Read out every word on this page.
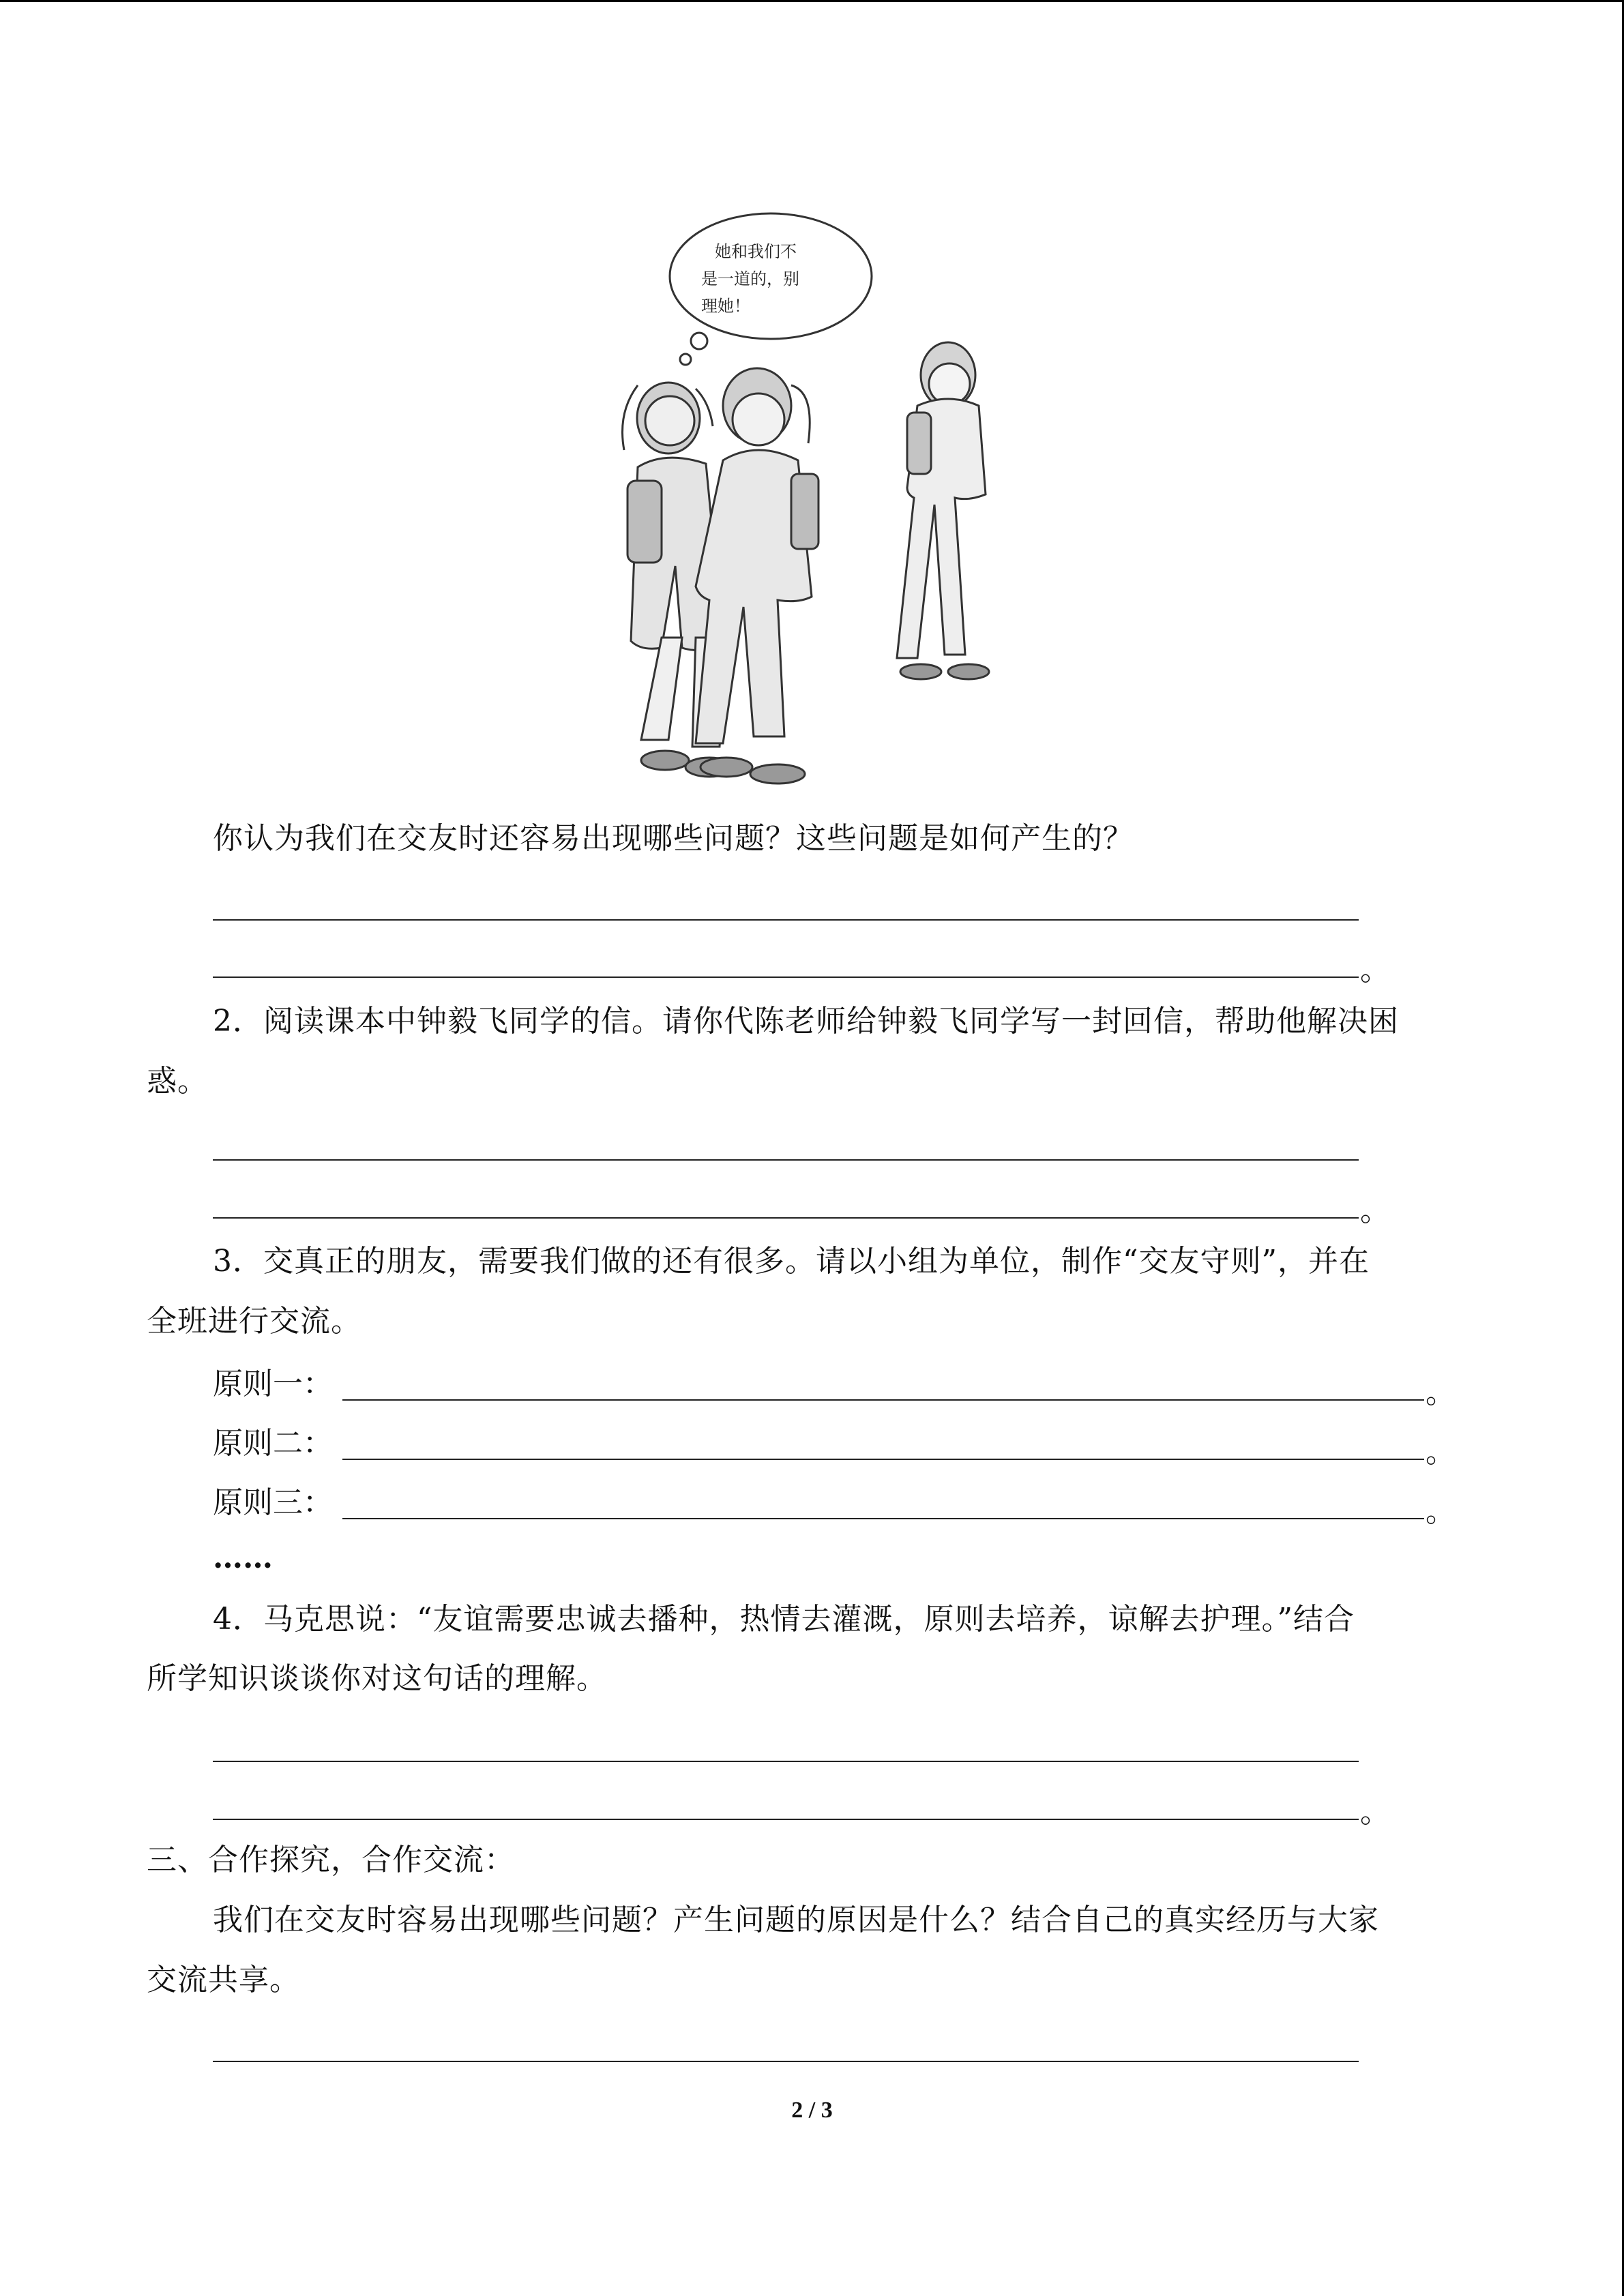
她和我们不
是一道的，别
理她！
你认为我们在交友时还容易出现哪些问题？这些问题是如何产生的？
。
2．阅读课本中钟毅飞同学的信。请你代陈老师给钟毅飞同学写一封回信，帮助他解决困
惑。
。
3．交真正的朋友，需要我们做的还有很多。请以小组为单位，制作“交友守则”，并在
全班进行交流。
原则一：	。
原则二：	。
原则三：	。
……
4．马克思说：“友谊需要忠诚去播种，热情去灌溉，原则去培养，谅解去护理。”结合
所学知识谈谈你对这句话的理解。
。
三、合作探究，合作交流：
我们在交友时容易出现哪些问题？产生问题的原因是什么？结合自己的真实经历与大家
交流共享。
2 / 3
